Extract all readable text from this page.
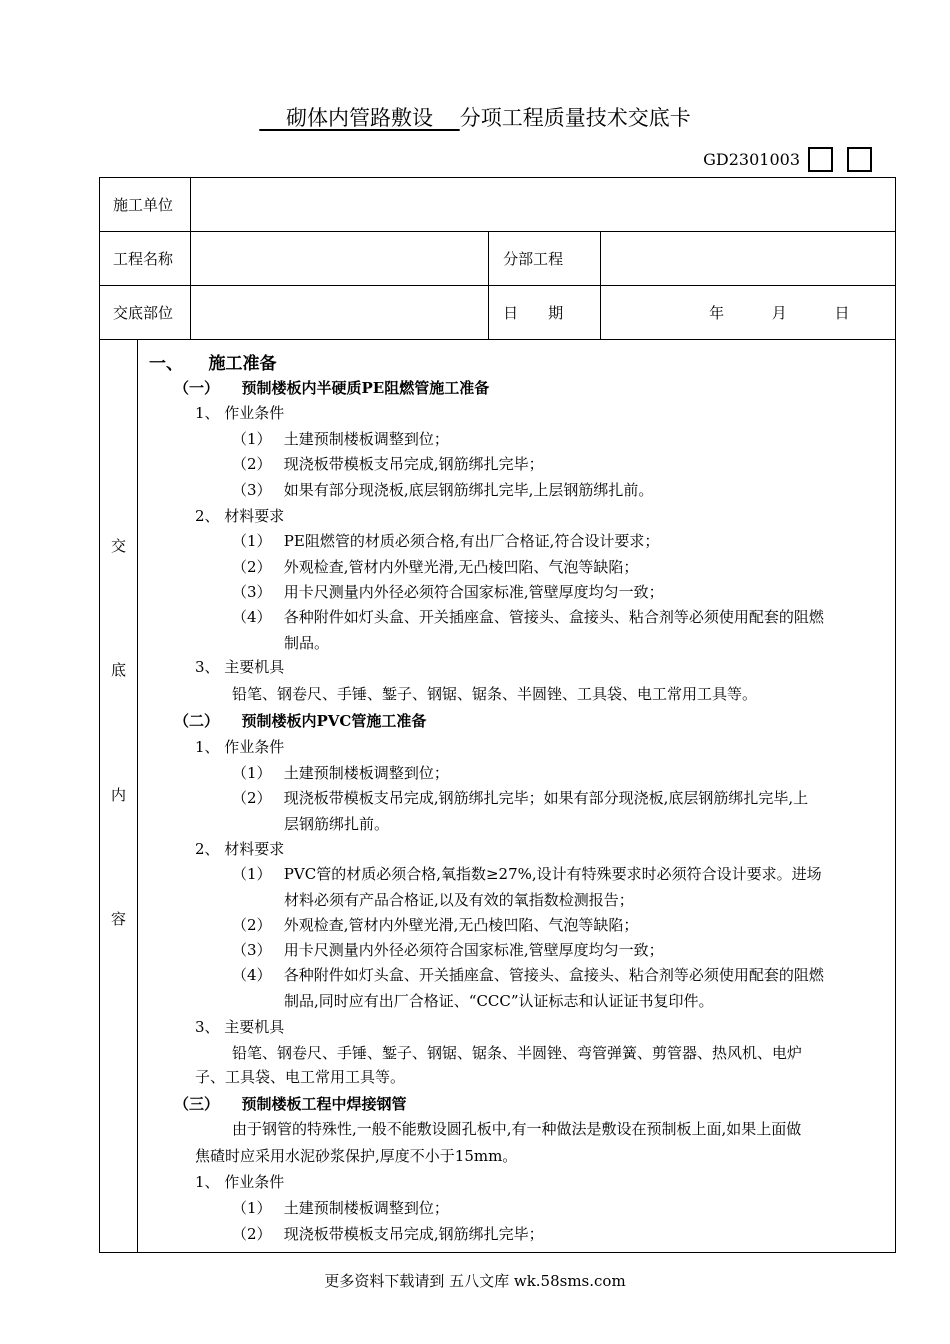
砌体内管路敷设    分项工程质量技术交底卡
GD2301003
施工单位			
工程名称		分部工程	
交底部位		日　　期	年          月          日
交
底
内
容
一、　　施工准备
（一）　　预制楼板内半硬质PE阻燃管施工准备
1、 作业条件
（1）　 土建预制楼板调整到位；
（2）　 现浇板带模板支吊完成,钢筋绑扎完毕；
（3）　 如果有部分现浇板,底层钢筋绑扎完毕,上层钢筋绑扎前。
2、 材料要求
（1）　 PE阻燃管的材质必须合格,有出厂合格证,符合设计要求；
（2）　 外观检查,管材内外壁光滑,无凸棱凹陷、气泡等缺陷；
（3）　 用卡尺测量内外径必须符合国家标准,管壁厚度均匀一致；
（4）　 各种附件如灯头盒、开关插座盒、管接头、盒接头、粘合剂等必须使用配套的阻燃
制品。
3、 主要机具
铅笔、钢卷尺、手锤、錾子、钢锯、锯条、半圆锉、工具袋、电工常用工具等。
（二）　　预制楼板内PVC管施工准备
1、 作业条件
（1）　 土建预制楼板调整到位；
（2）　 现浇板带模板支吊完成,钢筋绑扎完毕；如果有部分现浇板,底层钢筋绑扎完毕,上
层钢筋绑扎前。
2、 材料要求
（1）　 PVC管的材质必须合格,氧指数≥27%,设计有特殊要求时必须符合设计要求。进场
材料必须有产品合格证,以及有效的氧指数检测报告；
（2）　 外观检查,管材内外壁光滑,无凸棱凹陷、气泡等缺陷；
（3）　 用卡尺测量内外径必须符合国家标准,管壁厚度均匀一致；
（4）　 各种附件如灯头盒、开关插座盒、管接头、盒接头、粘合剂等必须使用配套的阻燃
制品,同时应有出厂合格证、“CCC”认证标志和认证证书复印件。
3、 主要机具
铅笔、钢卷尺、手锤、錾子、钢锯、锯条、半圆锉、弯管弹簧、剪管器、热风机、电炉
子、工具袋、电工常用工具等。
（三）　　预制楼板工程中焊接钢管
由于钢管的特殊性,一般不能敷设圆孔板中,有一种做法是敷设在预制板上面,如果上面做
焦碴时应采用水泥砂浆保护,厚度不小于15mm。
1、 作业条件
（1）　 土建预制楼板调整到位；
（2）　 现浇板带模板支吊完成,钢筋绑扎完毕；
更多资料下载请到 五八文库 wk.58sms.com
